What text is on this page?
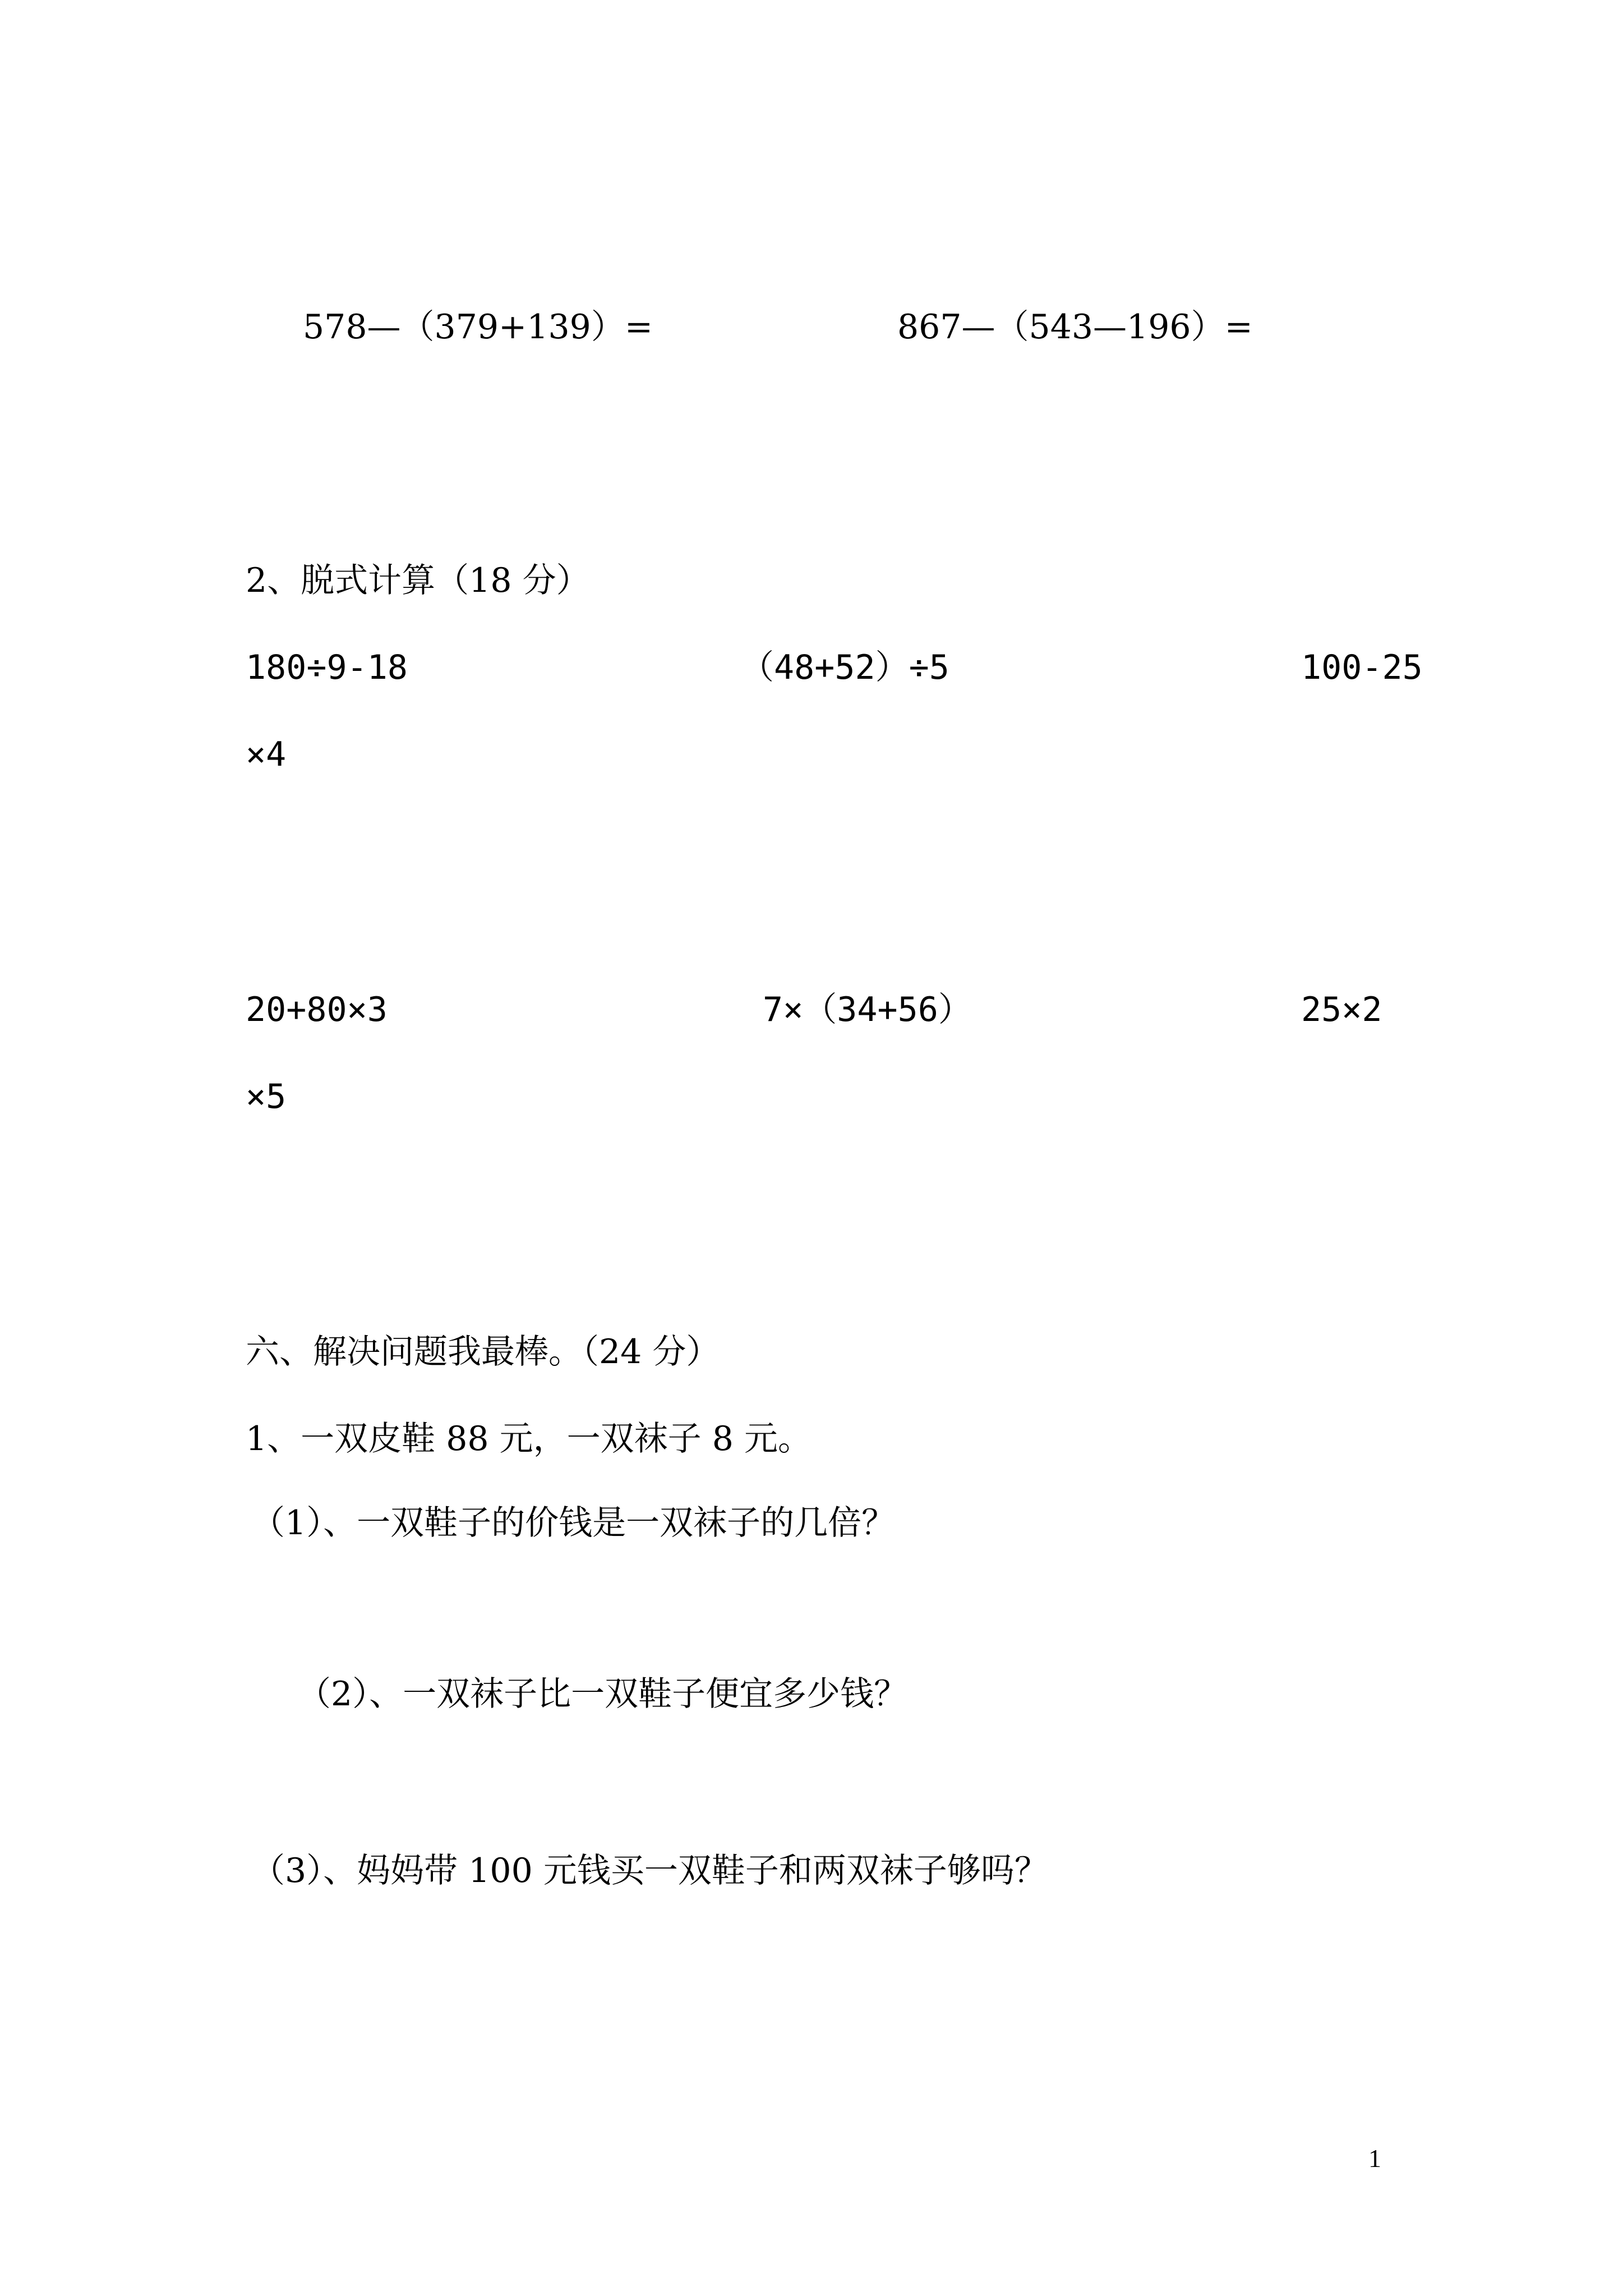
578—（379+139）=	867—（543—196）=
2、脱式计算（18 分）
180÷9-18	（48+52）÷5	100-25
×4
20+80×3	7×（34+56）	25×2
×5
六、解决问题我最棒。（24 分）
1、一双皮鞋 88 元，一双袜子 8 元。
（1）、一双鞋子的价钱是一双袜子的几倍？
（2）、一双袜子比一双鞋子便宜多少钱？
（3）、妈妈带 100 元钱买一双鞋子和两双袜子够吗？
1
